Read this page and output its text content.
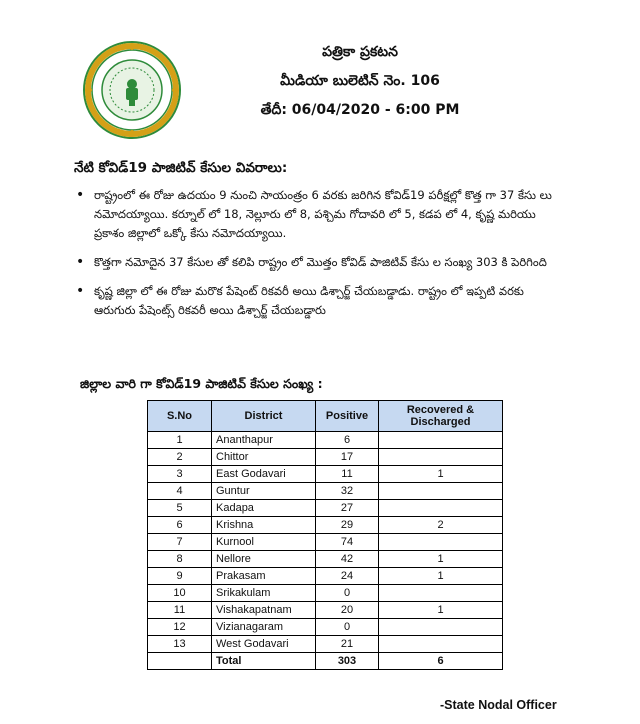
పత్రికా ప్రకటన
మీడియా బులెటిన్ నెం. 106
తేదీ: 06/04/2020 - 6:00 PM
నేటి కోవిడ్19 పాజిటివ్ కేసుల వివరాలు:
• రాష్ట్రంలో ఈ రోజు ఉదయం 9 నుంచి సాయంత్రం 6 వరకు జరిగిన కోవిడ్19 పరీక్షల్లో కొత్త గా 37 కేసు లు నమోదయ్యాయి. కర్నూల్ లో 18, నెల్లూరు లో 8, పశ్చిమ గోదావరి లో 5, కడప లో 4, కృష్ణ మరియు ప్రకాశం జిల్లాలో ఒక్కో కేసు నమోదయ్యాయి.
• కొత్తగా నమోదైన 37 కేసుల తో కలిపి రాష్ట్రం లో మొత్తం కోవిడ్ పాజిటివ్ కేసు ల సంఖ్య 303 కి పెరిగింది
• కృష్ణ జిల్లా లో ఈ రోజు మరొక పేషెంట్ రికవరీ అయి డిశ్చార్జ్ చేయబడ్డాడు. రాష్ట్రం లో ఇప్పటి వరకు ఆరుగురు పేషెంట్స్ రికవరీ అయి డిశ్చార్జ్ చేయబడ్డారు
జిల్లాల వారి గా కోవిడ్19 పాజిటివ్ కేసుల సంఖ్య :
S.No	District	Positive	Recovered & Discharged
1	Ananthapur	6	
2	Chittor	17	
3	East Godavari	11	1
4	Guntur	32	
5	Kadapa	27	
6	Krishna	29	2
7	Kurnool	74	
8	Nellore	42	1
9	Prakasam	24	1
10	Srikakulam	0	
11	Vishakapatnam	20	1
12	Vizianagaram	0	
13	West Godavari	21	
	Total	303	6
-State Nodal Officer
